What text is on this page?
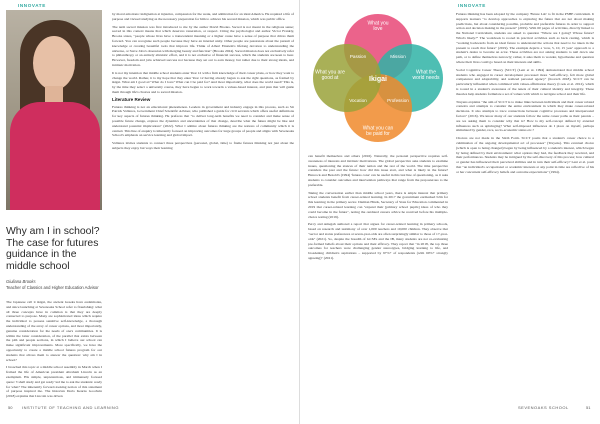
INNOVATE
Why am I in school? The case for futures guidance in the middle school
Giuliana Brooks
Teacher of Classics and Higher Education Advisor

The Japanese call it ikigai, the ancient Greeks have eudaimonia, and since launching at Sevenoaks School refer to flourishing: what all three concepts have in common is that they are deeply connected to purpose. Many are sophisticated ideas which require the individual to possess sensitive self-knowledge, a thorough understanding of the array of career options, and most importantly, genuine consideration for the needs of one's communities. It is within the latter consideration, of the parallel that exists between the pith and people sections, in which I believe our school can make significant improvements. More specifically, we have the opportunity to create a middle school futures program for our students that allows them to answer the question: why am I in school?

I broached this topic at a middle school assembly in March when I framed the life of American president Abraham Lincoln as an exemplum. His simple, unpretentious, and immensely focused quote: 'I shall study and get ready' led me to ask the students: ready for what? The inherently forward-looking notion of this statement of purpose inspired me. The historian Doris Kearns Goodwin (2018) explains that Lincoln was driven

by moral emotions: indignation at injustice, compassion for the weak, and admiration for an ideal America. He required a life of purpose and viewed studying as the necessary preparation for him to achieve his second mission, which was public office.

The term sacred mission was first introduced to me by the author David Brooks. Sacred is not meant in the religious sense; sacred in this context means that which deserves veneration, or respect. Citing the psychologist and author Victor Frankly, Brooks states, "people whose lives have a transcendent meaning or a higher cause have a sense of purpose that drives them forward. You can recognise such people because they have an internal unity. Other people are passionate about the pursuit of knowledge or creating beautiful tools that improve life. Think of Albert Einstein's lifelong devotion to understanding the universe, or Steve Jobs's obsession with merging beauty and function" (Brooks 2024). Sacred mission does not exclusively refer to philanthropy or an entirely altruistic effort, and it is not exclusive of financial success, which the students are keen to hear. However, freedom and jobs achieved success not because they set out to earn money, but rather due to their strong ideals, and intrinsic motivation.

It is not my intention that middle school students enter Year 12 with a firm knowledge of their career plans, or how they want to change the world. Rather, it is my hope that they enter Year 12 having already begun to ask the right questions, as framed by ikigai. What am I good at? What do I love? What can I be paid for? And most importantly, what does the world need? This is, by the time they select a university course, they have begun to work towards a values-based interest, and plan that will guide them through life's choices and to sacred mission.

Literature Review

Futures thinking is not an educational phenomenon. Leaders in government and industry engage in this process, such as Sir Patrick Vallance, Government Chief Scientific Adviser, who published a guide for civil servants which offers useful definitions for key aspects of futures thinking. He prefaces that "to deliver long-term benefits we need to consider and make sense of possible future change, explore the dynamics and uncertainties of that change, describe what the future might be like and understand potential implications" (2022). What I admire about futures thinking are the notions of community which it is centred. This line of enquiry is inherently focused on improving outcomes for large groups of people and aligns with Sevenoaks School's emphasis on service learning and global impact.

Vallance invites students to connect three perspectives (personal, global, time) to frame futures thinking not just about the subjects they enjoy but ways their learning

50 INSTITUTE OF TEACHING AND LEARNING
INNOVATE
What you love
What the world needs
What you can be paid for
What you are good at
Passion	Mission
Profession
Vocation
Ikigai

can benefit themselves and others (2016). Naturally, the personal perspective requires self-awareness of interests and intrinsic motivations. The global perspective asks students to examine issues, questioning the stances of their nation and the rest of the world. The time perspective considers the past and the future: how did this issue start, and what is likely in the future? Hancock and Bezold's (1994) 'futures cone' can be useful in this last line of questioning, as it asks students to consider outcomes and intervention pathways that range from the preposterous to the preferable.

Taking the conversation earlier than middle school years, there is ample interest that primary school students benefit from career-related learning. In 2017 the government earmarked £2m for this learning in the primary sector. Damian Hinds, Secretary of State for Education commented in 2019 that career-related learning can "expand their [primary school pupils] ideas of who they could become in the future", noting the outdated careers advice he received before his multiple-choice testing (2019).

Percy and Amegah authored a report that argues for career-related learning in primary schools, based on research and testimony of over 1,000 teachers and 10,000 children. They observe that "sector and status preferences at seven-year-olds are often surprisingly similar to those of 17-year-olds" (2021). So, despite the breadth of GCSEs and the IB, many students are not re-evaluating pre-formed beliefs about their options and their efficacy. They report that "in 2018, the top three outcomes for teachers were challenging gender stereotypes, bridging learning to life, and broadening children's aspirations – supported by 97%+ of respondents (with 60%+ strongly agreeing)" (2021).

Futures thinking has been adopted by the company 'Future Lab' to fit in the PSHE curriculum. It supports learners "to develop approaches to exploring the future that are not about making predictions, but about considering possible, probable and preferable futures in order to support action and decision making in the present" (2019). With 60 pages of activities, directly linked to the National Curriculum, students are asked to question "Where are I going? Whose future? What's likely?" The workbook is rooted in practical activities such as back casting, which is "working backwards from an ideal future to understand the actions that need to be taken in the present to reach that future" (2019). The example depicts a 'now, 5, 10, 15 year' approach to a student's desire to become an actor. These activities are not asking students to nail down one path, or to define themselves narrowly; rather, it asks them to wonder, hypothesise and question where their lives could go based on their interests and skills.

Social Cognitive Career Theory (SCCT) (Lent et al. 1994) demonstrated that middle school students who engaged in career development processed more "self-efficacy, felt more global competence and adaptability, and realized personal agency" (Kovach 2018). SCCT can be particularly influential when combined with values-affirmation theory (Cook et al. 2012), which is rooted in a student's awareness of the tenets of their cultural identity and integrity. These theories help students formulate a set of values with which to navigate school and their life.

Truyens explains "the aim of SCCT is to make links between individuals and their career related contexts and attempts to consider the entire environment in which they make career-related decisions. It also attempts to trace connections between cognitive processes and interpersonal factors" (2016). We know many of our students follow the same career paths as their parents – are we asking them to consider why that is? How is my self-concept defined by external influences such as upbringing? What self-imposed influences do I place on myself, perhaps stimulated by gender, race, socio-economic status etc.?

Choices are not made in the Sixth Form. SCCT posits that a student's career choice is a culmination of the ongoing developmental act of processes" (Truyens). This eventual choice (which is open to being changed) began by being influenced by a student's interest, which began by being defined by their environment: what options they had, the feedback they received, and their performances. Students may be intrigued by the self-discovery of this process; how cultural or gender has influenced their perceived abilities and in turn their self-efficacy? Lent et al. posit that "an individual's occupational or academic interests at any point in time are reflective of his or her concurrent self-efficacy beliefs and outcome expectations" (1994).

SEVENOAKS SCHOOL	51
